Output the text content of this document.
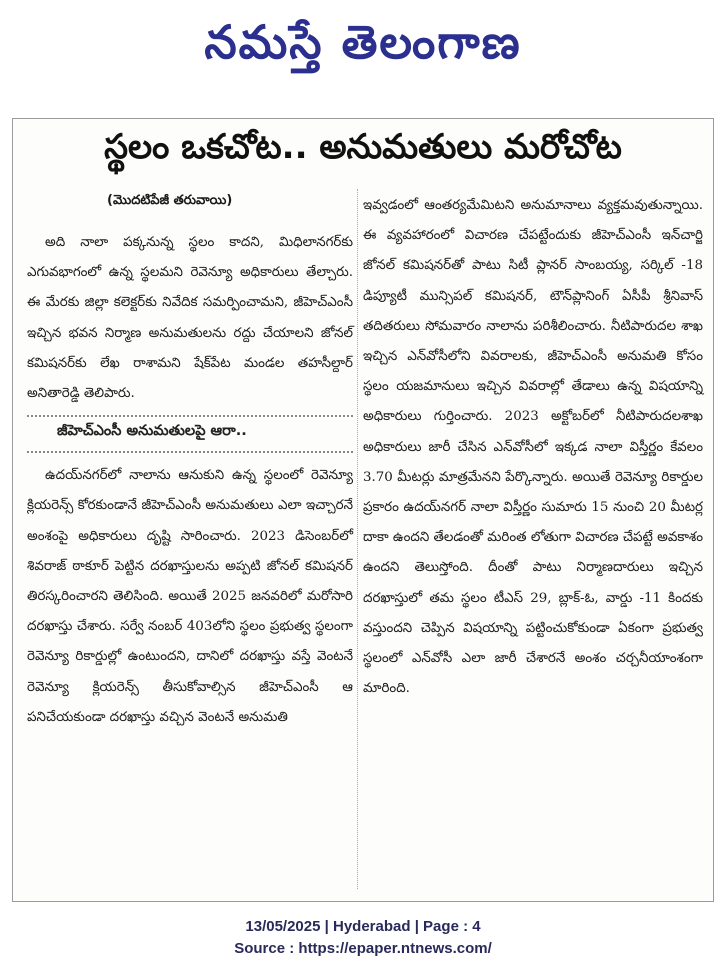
నమస్తే తెలంగాణ
స్థలం ఒకచోట.. అనుమతులు మరోచోట
(మొదటిపేజీ తరువాయి)

అది నాలా పక్కనున్న స్థలం కాదని, మిధిలానగర్‌కు ఎగువభాగంలో ఉన్న స్థలమని రెవెన్యూ అధికారులు తేల్చారు. ఈ మేరకు జిల్లా కలెక్టర్‌కు నివేదిక సమర్పించామని, జీహెచ్‌ఎంసీ ఇచ్చిన భవన నిర్మాణ అనుమతులను రద్దు చేయాలని జోనల్ కమిషనర్‌కు లేఖ రాశామని షేక్‌పేట మండల తహసీల్దార్ అనితారెడ్డి తెలిపారు.

జీహెచ్‌ఎంసీ అనుమతులపై ఆరా..

ఉదయ్‌నగర్‌లో నాలాను ఆనుకుని ఉన్న స్థలంలో రెవెన్యూ క్లియరెన్స్ కోరకుండానే జీహెచ్‌ఎంసీ అనుమతులు ఎలా ఇచ్చారనే అంశంపై అధికారులు దృష్టి సారించారు. 2023 డిసెంబర్‌లో శివరాజ్ ఠాకూర్ పెట్టిన దరఖాస్తులను అప్పటి జోనల్ కమిషనర్ తిరస్కరించారని తెలిసింది. అయితే 2025 జనవరిలో మరోసారి దరఖాస్తు చేశారు. సర్వే నంబర్ 403లోని స్థలం ప్రభుత్వ స్థలంగా రెవెన్యూ రికార్డుల్లో ఉంటుందని, దానిలో దరఖాస్తు వస్తే వెంటనే రెవెన్యూ క్లియరెన్స్ తీసుకోవాల్సిన జీహెచ్‌ఎంసీ ఆ పనిచేయకుండా దరఖాస్తు వచ్చిన వెంటనే అనుమతి

ఇవ్వడంలో ఆంతర్యమేమిటని అనుమానాలు వ్యక్తమవుతున్నాయి. ఈ వ్యవహారంలో విచారణ చేపట్టేందుకు జీహెచ్‌ఎంసీ ఇన్‌చార్జి జోనల్ కమిషనర్‌తో పాటు సిటీ ప్లానర్ సాంబయ్య, సర్కిల్ -18 డిప్యూటీ మున్సిపల్ కమిషనర్, టౌన్‌ప్లానింగ్ ఏసీపీ శ్రీనివాస్ తదితరులు సోమవారం నాలాను పరిశీలించారు. నీటిపారుదల శాఖ ఇచ్చిన ఎన్‌వోసీలోని వివరాలకు, జీహెచ్‌ఎంసీ అనుమతి కోసం స్థలం యజమానులు ఇచ్చిన వివరాల్లో తేడాలు ఉన్న విషయాన్ని అధికారులు గుర్తించారు. 2023 అక్టోబర్‌లో నీటిపారుదలశాఖ అధికారులు జారీ చేసిన ఎన్‌వోసీలో ఇక్కడ నాలా విస్తీర్ణం కేవలం 3.70 మీటర్లు మాత్రమేనని పేర్కొన్నారు. అయితే రెవెన్యూ రికార్డుల ప్రకారం ఉదయ్‌నగర్ నాలా విస్తీర్ణం సుమారు 15 నుంచి 20 మీటర్ల దాకా ఉందని తేలడంతో మరింత లోతుగా విచారణ చేపట్టే అవకాశం ఉందని తెలుస్తోంది. దీంతో పాటు నిర్మాణదారులు ఇచ్చిన దరఖాస్తులో తమ స్థలం టీఎస్ 29, బ్లాక్-ఓ, వార్డు -11 కిందకు వస్తుందని చెప్పిన విషయాన్ని పట్టించుకోకుండా ఏకంగా ప్రభుత్వ స్థలంలో ఎన్‌వోసీ ఎలా జారీ చేశారనే అంశం చర్చనీయాంశంగా మారింది.

13/05/2025 | Hyderabad | Page : 4
Source : https://epaper.ntnews.com/
